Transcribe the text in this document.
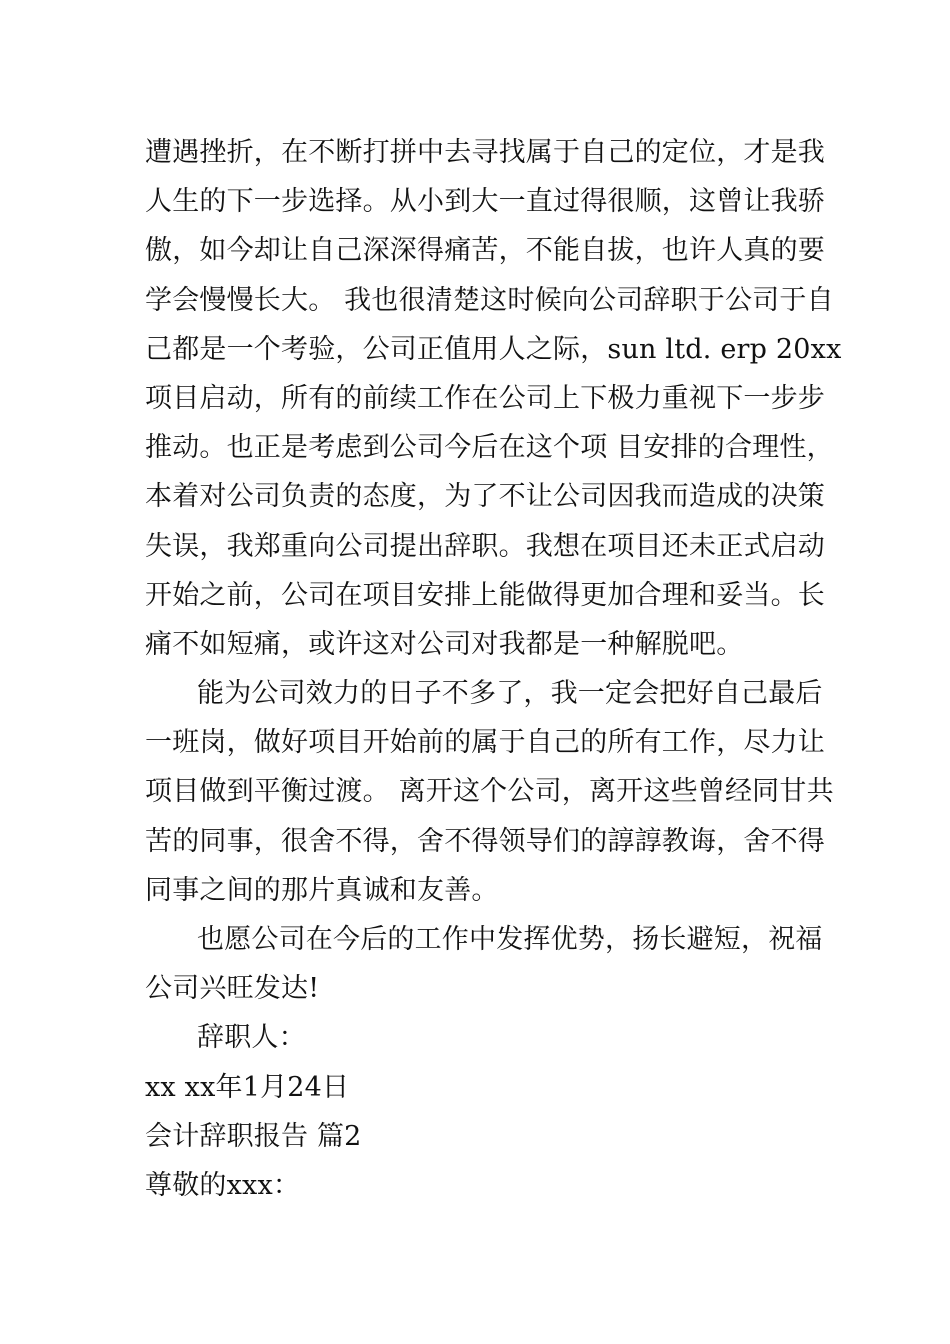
遭遇挫折，在不断打拼中去寻找属于自己的定位，才是我
人生的下一步选择。从小到大一直过得很顺，这曾让我骄
傲，如今却让自己深深得痛苦，不能自拔，也许人真的要
学会慢慢长大。 我也很清楚这时候向公司辞职于公司于自
己都是一个考验，公司正值用人之际，sun ltd. erp 20xx
项目启动，所有的前续工作在公司上下极力重视下一步步
推动。也正是考虑到公司今后在这个项 目安排的合理性，
本着对公司负责的态度，为了不让公司因我而造成的决策
失误，我郑重向公司提出辞职。我想在项目还未正式启动
开始之前，公司在项目安排上能做得更加合理和妥当。长
痛不如短痛，或许这对公司对我都是一种解脱吧。
能为公司效力的日子不多了，我一定会把好自己最后
一班岗，做好项目开始前的属于自己的所有工作，尽力让
项目做到平衡过渡。 离开这个公司，离开这些曾经同甘共
苦的同事，很舍不得，舍不得领导们的諄諄教诲，舍不得
同事之间的那片真诚和友善。
也愿公司在今后的工作中发挥优势，扬长避短，祝福
公司兴旺发达!
辞职人：
xx xx年1月24日
会计辞职报告 篇2
尊敬的xxx：
